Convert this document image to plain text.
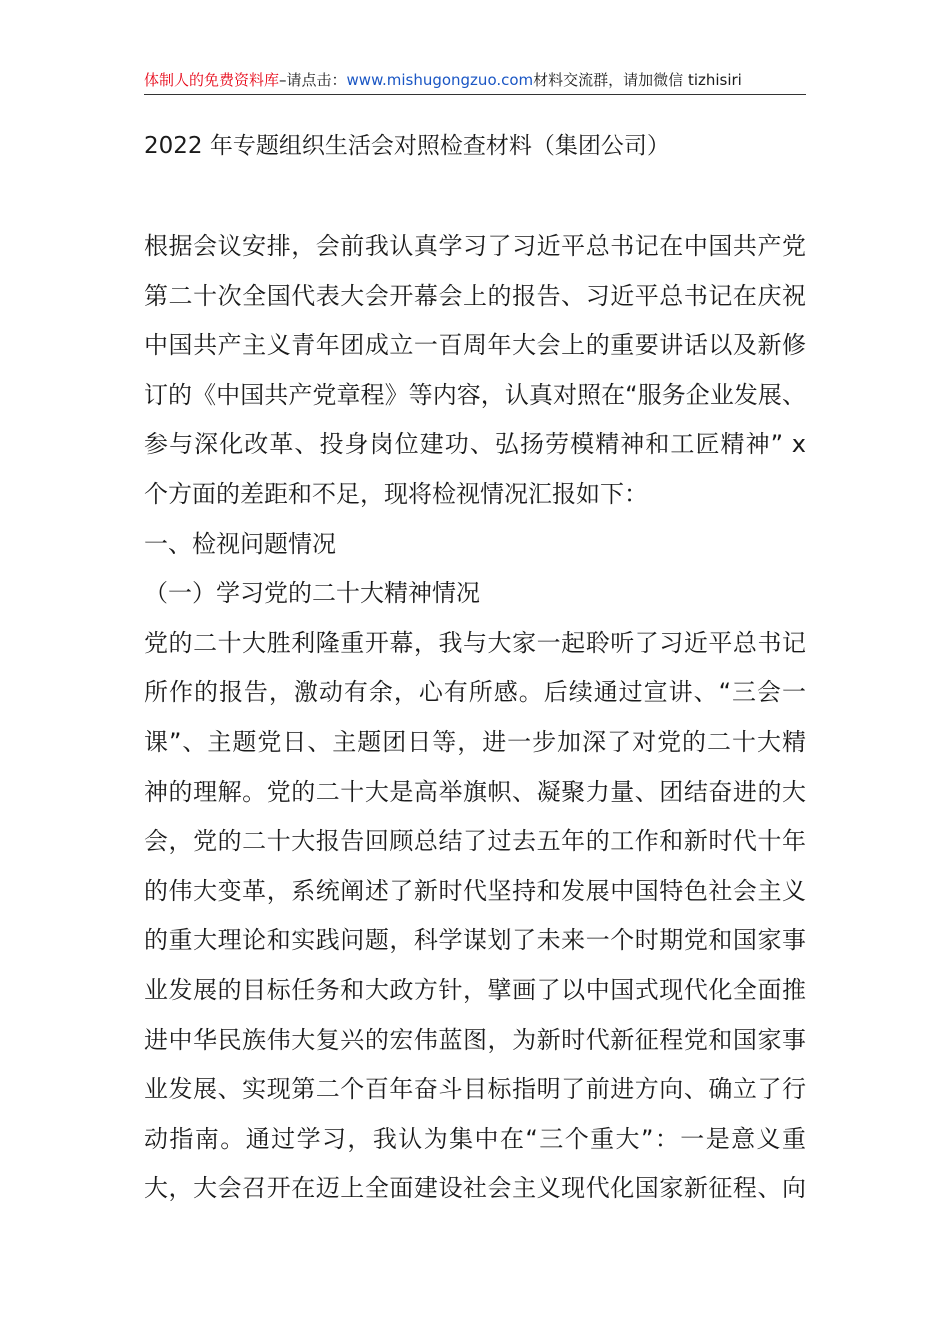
体制人的免费资料库–请点击：www.mishugongzuo.com材料交流群，请加微信 tizhisiri
2022 年专题组织生活会对照检查材料（集团公司）
根据会议安排，会前我认真学习了习近平总书记在中国共产党
第二十次全国代表大会开幕会上的报告、习近平总书记在庆祝
中国共产主义青年团成立一百周年大会上的重要讲话以及新修
订的《中国共产党章程》等内容，认真对照在“服务企业发展、
参与深化改革、投身岗位建功、弘扬劳模精神和工匠精神” x
个方面的差距和不足，现将检视情况汇报如下：
一、检视问题情况
（一）学习党的二十大精神情况
党的二十大胜利隆重开幕，我与大家一起聆听了习近平总书记
所作的报告，激动有余，心有所感。后续通过宣讲、“三会一
课”、主题党日、主题团日等，进一步加深了对党的二十大精
神的理解。党的二十大是高举旗帜、凝聚力量、团结奋进的大
会，党的二十大报告回顾总结了过去五年的工作和新时代十年
的伟大变革，系统阐述了新时代坚持和发展中国特色社会主义
的重大理论和实践问题，科学谋划了未来一个时期党和国家事
业发展的目标任务和大政方针，擘画了以中国式现代化全面推
进中华民族伟大复兴的宏伟蓝图，为新时代新征程党和国家事
业发展、实现第二个百年奋斗目标指明了前进方向、确立了行
动指南。通过学习，我认为集中在“三个重大”：一是意义重
大，大会召开在迈上全面建设社会主义现代化国家新征程、向
